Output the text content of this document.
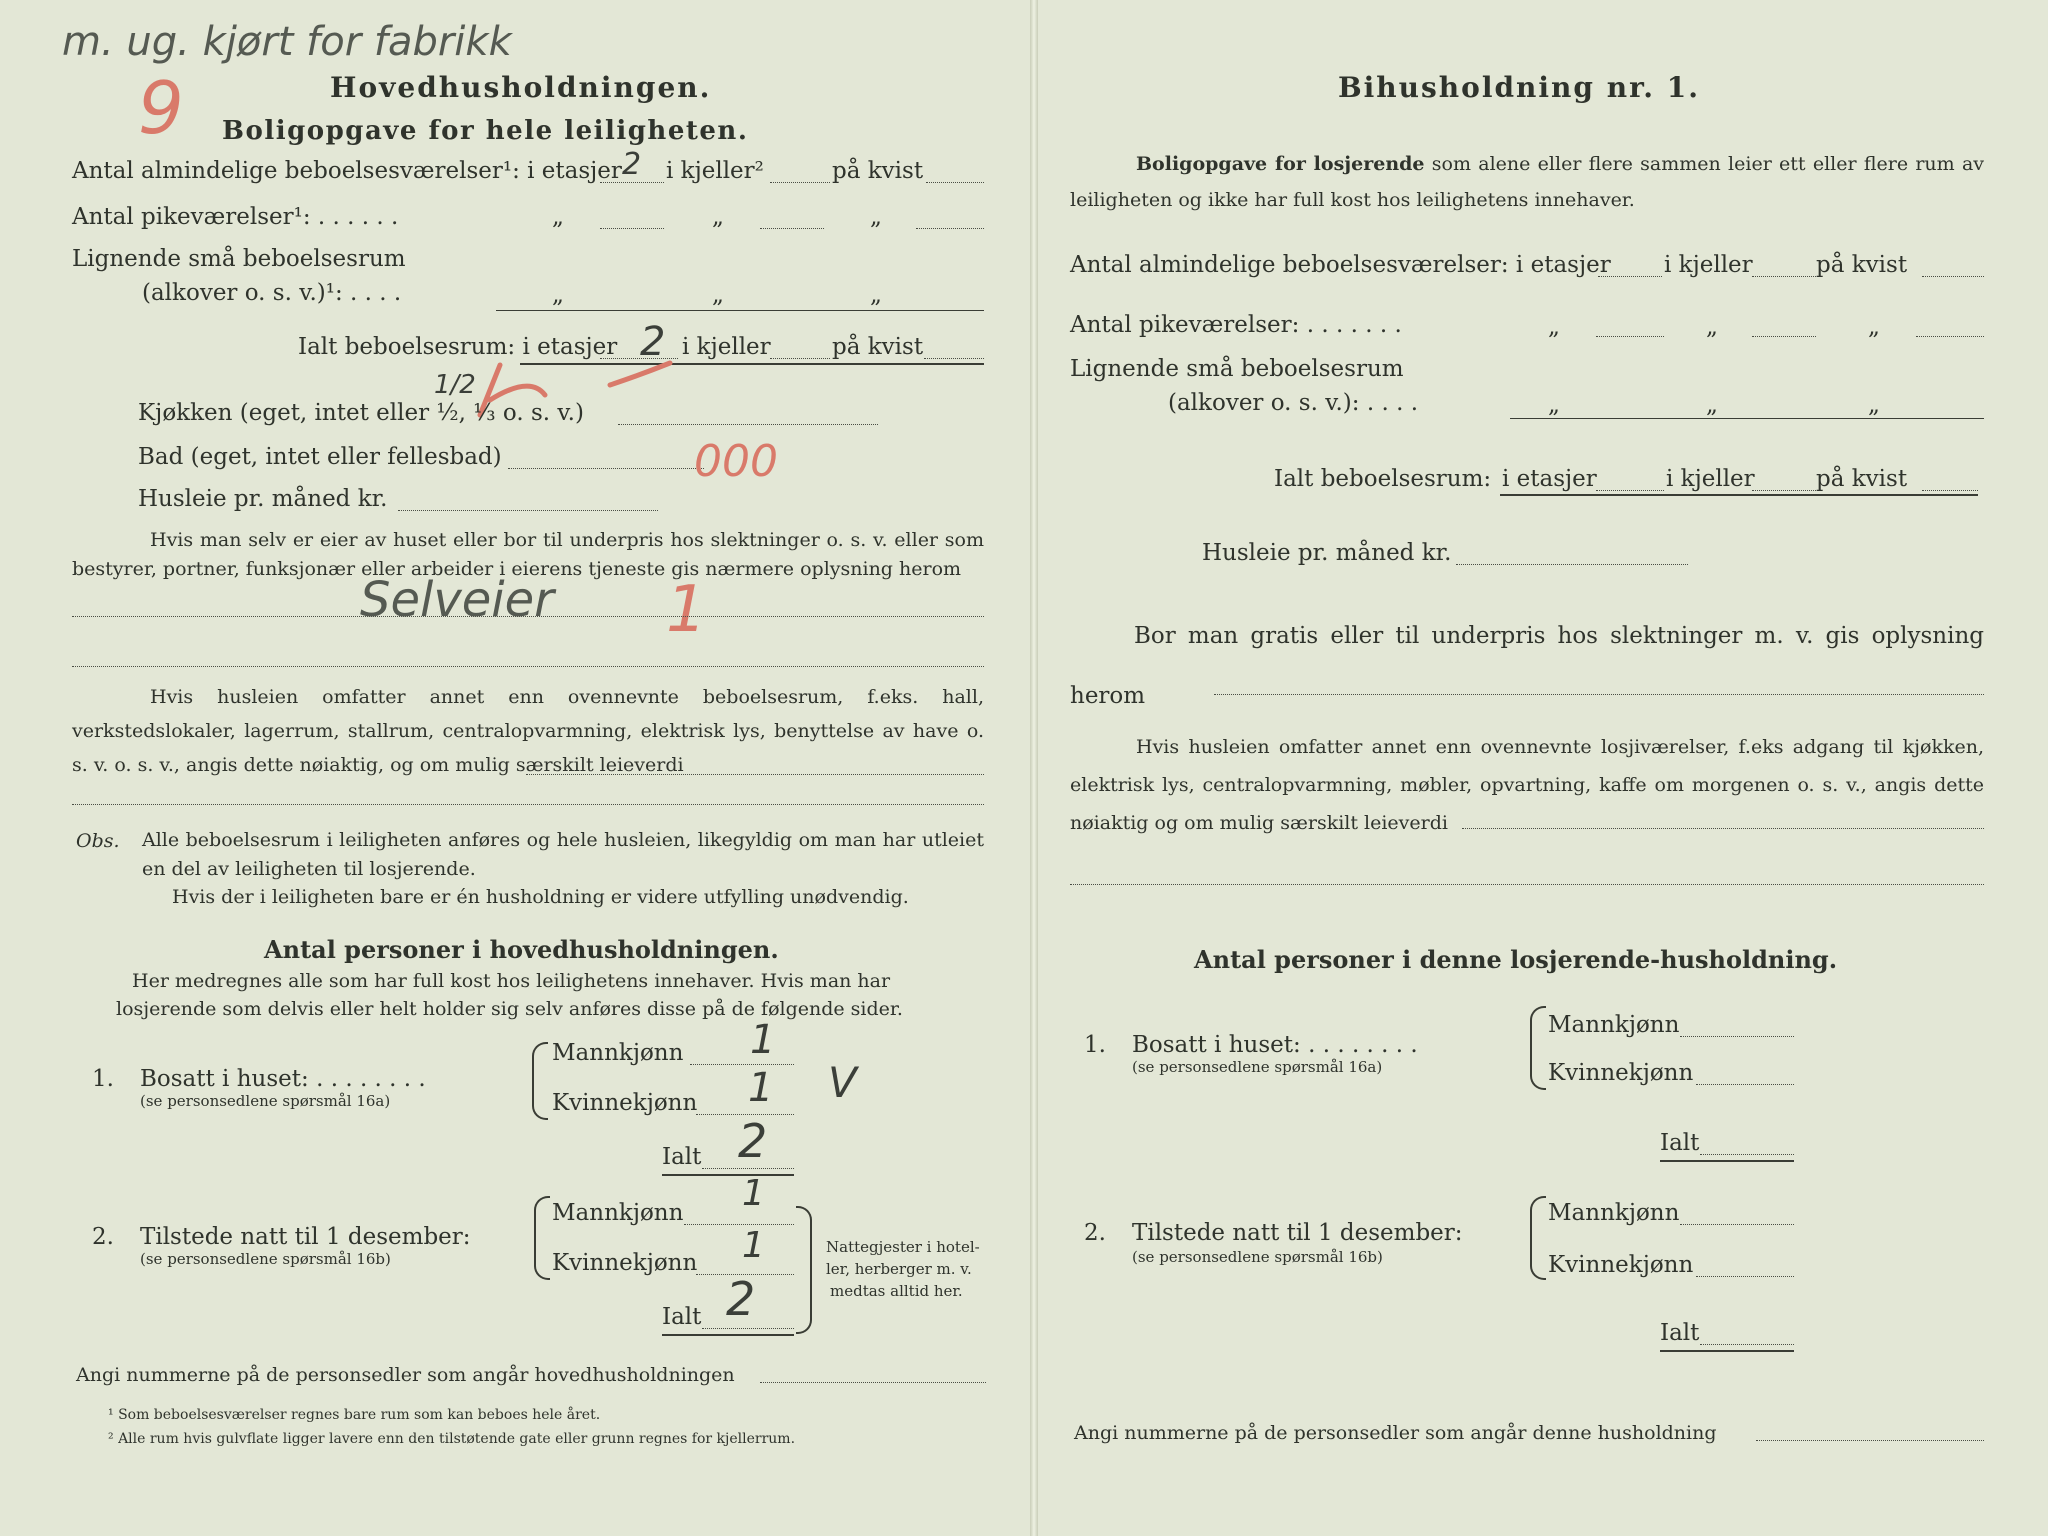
m. ug. kjørt for fabrikk
9	Hovedhusholdningen.
Boligopgave for hele leiligheten.
Antal almindelige beboelsesværelser¹: i etasjer 2 i kjeller²	på kvist
Antal pikeværelser¹: . . . . . .	„	„	„
Lignende små beboelsesrum
(alkover o. s. v.)¹: . . . .	„	„	„
Ialt beboelsesrum: i etasjer 2 i kjeller	på kvist
Kjøkken (eget, intet eller ½, ⅓ o. s. v.)
1/2
Bad (eget, intet eller fellesbad)	000
Husleie pr. måned kr.
Hvis man selv er eier av huset eller bor til underpris hos slektninger o. s. v. eller som bestyrer, portner, funksjonær eller arbeider i eierens tjeneste gis nærmere oplysning herom
Selveier 1
Hvis husleien omfatter annet enn ovennevnte beboelsesrum, f.eks. hall, verkstedslokaler, lagerrum, stallrum, centralopvarmning, elektrisk lys, benyttelse av have o. s. v. o. s. v., angis dette nøiaktig, og om mulig særskilt leieverdi
Obs. Alle beboelsesrum i leiligheten anføres og hele husleien, likegyldig om man har utleiet en del av leiligheten til losjerende.
Hvis der i leiligheten bare er én husholdning er videre utfylling unødvendig.
Antal personer i hovedhusholdningen.
Her medregnes alle som har full kost hos leilighetens innehaver. Hvis man har
losjerende som delvis eller helt holder sig selv anføres disse på de følgende sider.
1. Bosatt i huset: . . . . . . . .
(se personsedlene spørsmål 16a)
Mannkjønn 1
Kvinnekjønn 1 V
Ialt 2
2. Tilstede natt til 1 desember:
(se personsedlene spørsmål 16b)
Mannkjønn 1
Kvinnekjønn 1
Ialt 2
Nattegjester i hotel-
ler, herberger m. v.
medtas alltid her.
Angi nummerne på de personsedler som angår hovedhusholdningen
¹ Som beboelsesværelser regnes bare rum som kan beboes hele året.
² Alle rum hvis gulvflate ligger lavere enn den tilstøtende gate eller grunn regnes for kjellerrum.
Bihusholdning nr. 1.
Boligopgave for losjerende som alene eller flere sammen leier ett eller flere rum av leiligheten og ikke har full kost hos leilighetens innehaver.
Antal almindelige beboelsesværelser: i etasjer i kjeller	på kvist
Antal pikeværelser: . . . . . . .	„	„	„
Lignende små beboelsesrum
(alkover o. s. v.): . . . .	„	„	„
Ialt beboelsesrum: i etasjer	i kjeller	på kvist
Husleie pr. måned kr.
Bor man gratis eller til underpris hos slektninger m. v. gis oplysning herom
Hvis husleien omfatter annet enn ovennevnte losjiværelser, f.eks adgang til kjøkken, elektrisk lys, centralopvarmning, møbler, opvartning, kaffe om morgenen o. s. v., angis dette nøiaktig og om mulig særskilt leieverdi
Antal personer i denne losjerende-husholdning.
1. Bosatt i huset: . . . . . . . .
(se personsedlene spørsmål 16a)
Mannkjønn
Kvinnekjønn
Ialt
2. Tilstede natt til 1 desember:
(se personsedlene spørsmål 16b)
Mannkjønn
Kvinnekjønn
Ialt
Angi nummerne på de personsedler som angår denne husholdning
